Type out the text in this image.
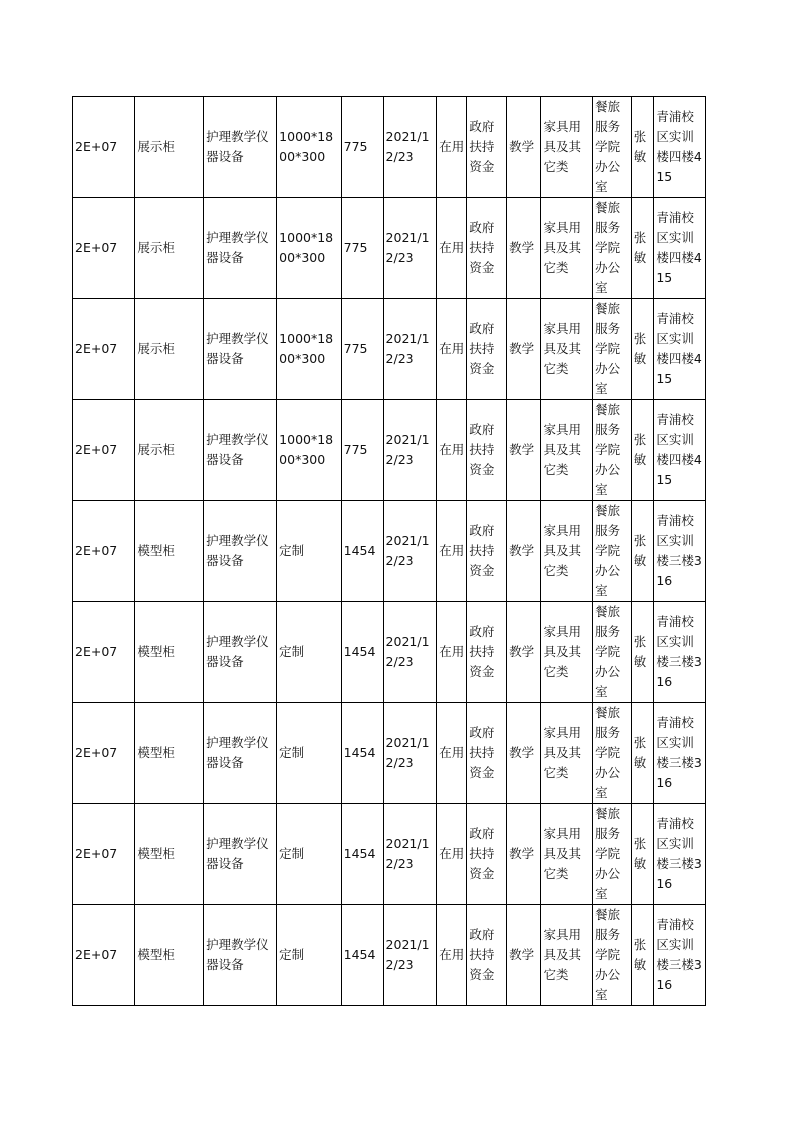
2E+07	展示柜	护理教学仪器设备	1000*1800*300	775	2021/12/23	在用	政府扶持资金	教学	家具用具及其它类	餐旅服务学院办公室	张敏	青浦校区实训楼四楼415
2E+07	展示柜	护理教学仪器设备	1000*1800*300	775	2021/12/23	在用	政府扶持资金	教学	家具用具及其它类	餐旅服务学院办公室	张敏	青浦校区实训楼四楼415
2E+07	展示柜	护理教学仪器设备	1000*1800*300	775	2021/12/23	在用	政府扶持资金	教学	家具用具及其它类	餐旅服务学院办公室	张敏	青浦校区实训楼四楼415
2E+07	展示柜	护理教学仪器设备	1000*1800*300	775	2021/12/23	在用	政府扶持资金	教学	家具用具及其它类	餐旅服务学院办公室	张敏	青浦校区实训楼四楼415
2E+07	模型柜	护理教学仪器设备	定制	1454	2021/12/23	在用	政府扶持资金	教学	家具用具及其它类	餐旅服务学院办公室	张敏	青浦校区实训楼三楼316
2E+07	模型柜	护理教学仪器设备	定制	1454	2021/12/23	在用	政府扶持资金	教学	家具用具及其它类	餐旅服务学院办公室	张敏	青浦校区实训楼三楼316
2E+07	模型柜	护理教学仪器设备	定制	1454	2021/12/23	在用	政府扶持资金	教学	家具用具及其它类	餐旅服务学院办公室	张敏	青浦校区实训楼三楼316
2E+07	模型柜	护理教学仪器设备	定制	1454	2021/12/23	在用	政府扶持资金	教学	家具用具及其它类	餐旅服务学院办公室	张敏	青浦校区实训楼三楼316
2E+07	模型柜	护理教学仪器设备	定制	1454	2021/12/23	在用	政府扶持资金	教学	家具用具及其它类	餐旅服务学院办公室	张敏	青浦校区实训楼三楼316
